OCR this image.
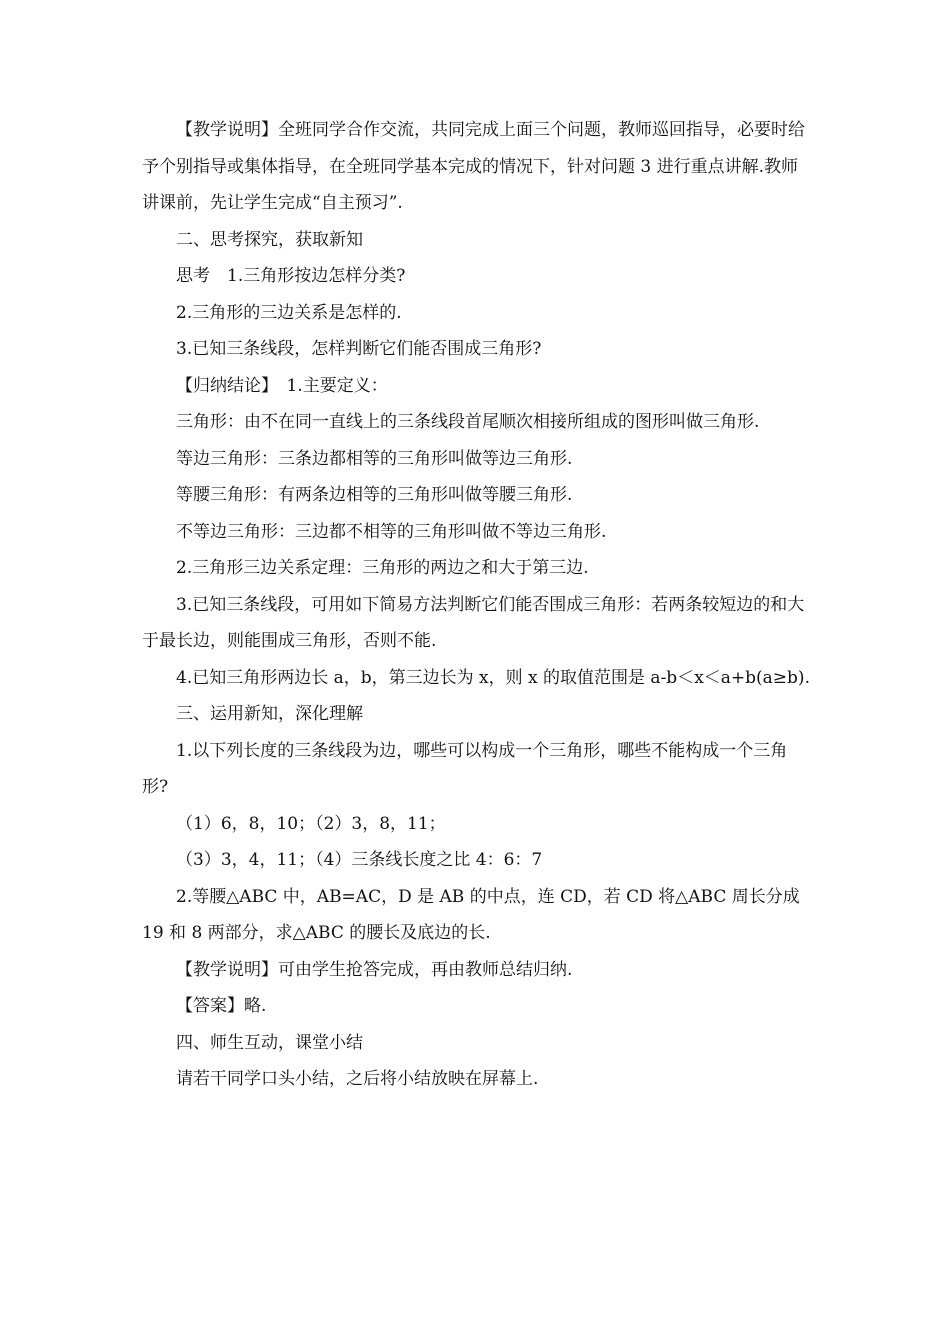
【教学说明】全班同学合作交流，共同完成上面三个问题，教师巡回指导，必要时给予个别指导或集体指导，在全班同学基本完成的情况下，针对问题 3 进行重点讲解.教师讲课前，先让学生完成“自主预习”.

二、思考探究，获取新知

思考　1.三角形按边怎样分类?

2.三角形的三边关系是怎样的.

3.已知三条线段，怎样判断它们能否围成三角形?

【归纳结论】　1.主要定义：

三角形：由不在同一直线上的三条线段首尾顺次相接所组成的图形叫做三角形.

等边三角形：三条边都相等的三角形叫做等边三角形.

等腰三角形：有两条边相等的三角形叫做等腰三角形.

不等边三角形：三边都不相等的三角形叫做不等边三角形.

2.三角形三边关系定理：三角形的两边之和大于第三边.

3.已知三条线段，可用如下简易方法判断它们能否围成三角形：若两条较短边的和大于最长边，则能围成三角形，否则不能.

4.已知三角形两边长 a，b，第三边长为 x，则 x 的取值范围是 a-b＜x＜a+b(a≥b).

三、运用新知，深化理解

1.以下列长度的三条线段为边，哪些可以构成一个三角形，哪些不能构成一个三角形?

（1）6，8，10；（2）3，8，11；

（3）3，4，11；（4）三条线长度之比 4：6：7

2.等腰△ABC 中，AB=AC，D 是 AB 的中点，连 CD，若 CD 将△ABC 周长分成 19 和 8 两部分，求△ABC 的腰长及底边的长.

【教学说明】可由学生抢答完成，再由教师总结归纳.

【答案】略.

四、师生互动，课堂小结

请若干同学口头小结，之后将小结放映在屏幕上.
